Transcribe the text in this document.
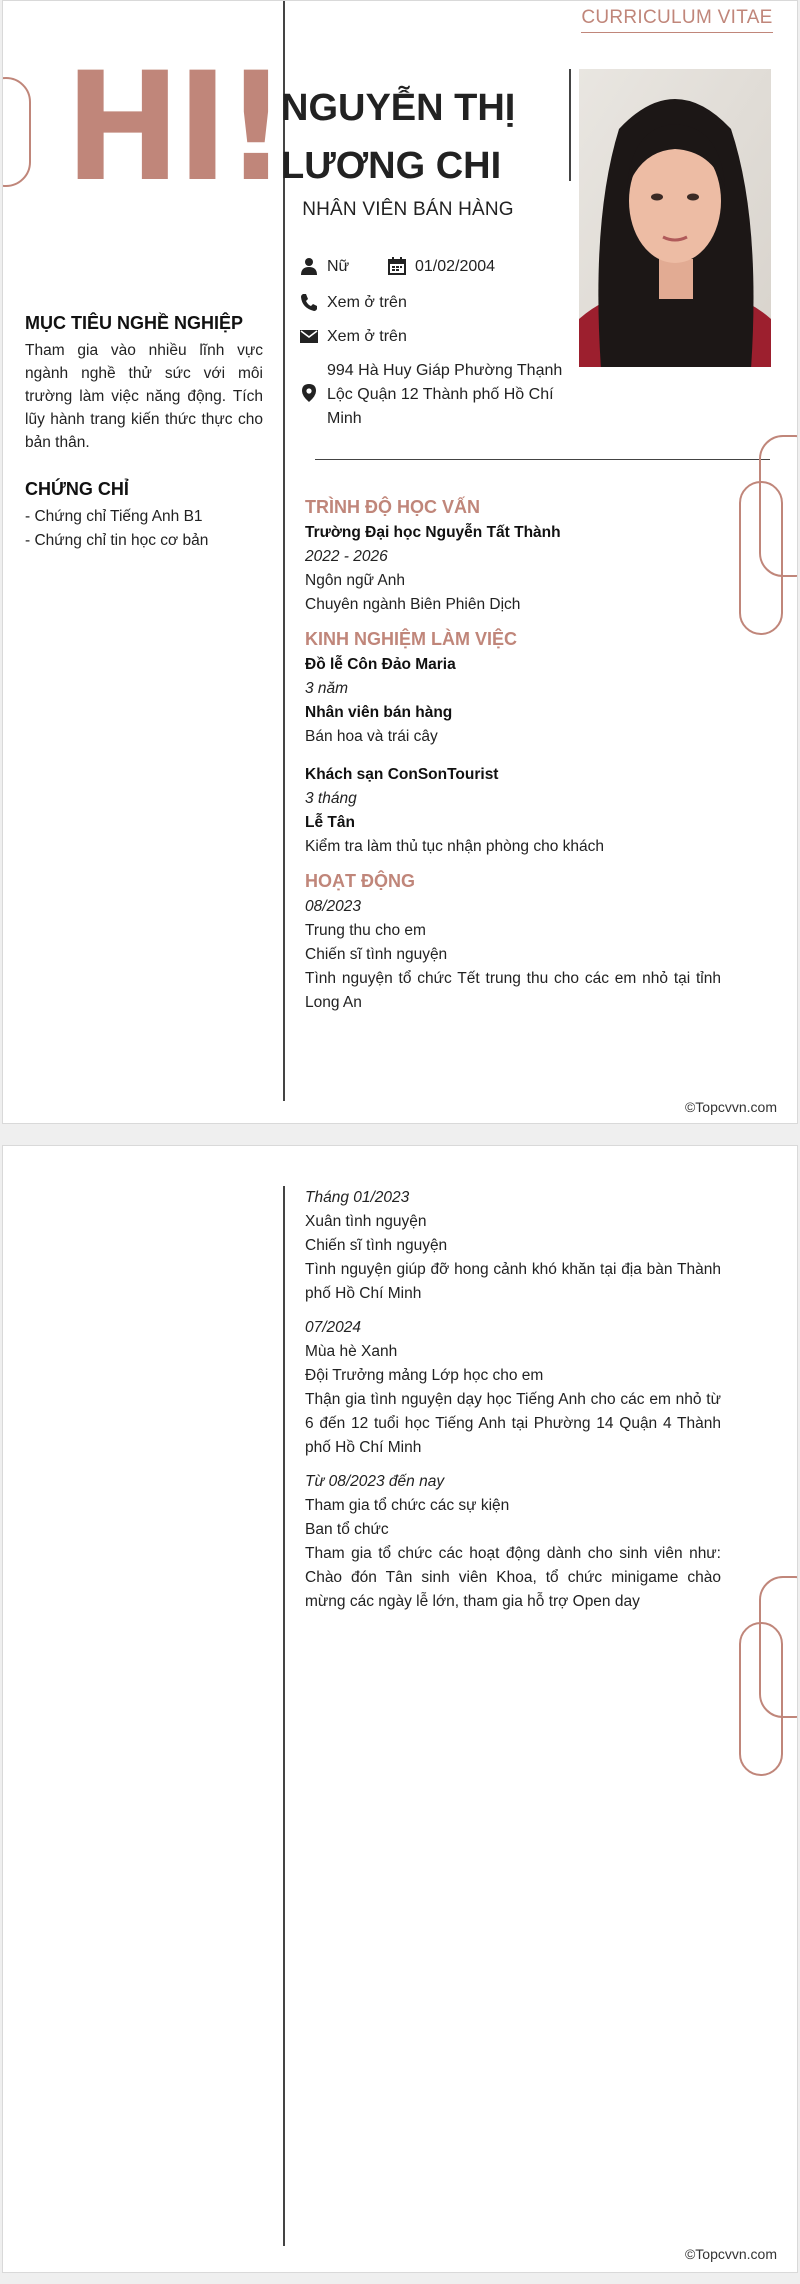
CURRICULUM VITAE
HI!
NGUYỄN THỊ
LƯƠNG CHI
NHÂN VIÊN BÁN HÀNG
Nữ	01/02/2004
Xem ở trên
Xem ở trên
994 Hà Huy Giáp Phường Thạnh Lộc Quận 12 Thành phố Hồ Chí Minh
MỤC TIÊU NGHỀ NGHIỆP
Tham gia vào nhiều lĩnh vực ngành nghề thử sức với môi trường làm việc năng động. Tích lũy hành trang kiến thức thực cho bản thân.
CHỨNG CHỈ
- Chứng chỉ Tiếng Anh B1
- Chứng chỉ tin học cơ bản
TRÌNH ĐỘ HỌC VẤN
Trường Đại học Nguyễn Tất Thành
2022 - 2026
Ngôn ngữ Anh
Chuyên ngành Biên Phiên Dịch
KINH NGHIỆM LÀM VIỆC
Đồ lễ Côn Đảo Maria
3 năm
Nhân viên bán hàng
Bán hoa và trái cây
Khách sạn ConSonTourist
3 tháng
Lễ Tân
Kiểm tra làm thủ tục nhận phòng cho khách
HOẠT ĐỘNG
08/2023
Trung thu cho em
Chiến sĩ tình nguyện
Tình nguyện tổ chức Tết trung thu cho các em nhỏ tại tỉnh Long An
©Topcvvn.com
Tháng 01/2023
Xuân tình nguyện
Chiến sĩ tình nguyện
Tình nguyện giúp đỡ hong cảnh khó khăn tại địa bàn Thành phố Hồ Chí Minh
07/2024
Mùa hè Xanh
Đội Trưởng mảng Lớp học cho em
Thận gia tình nguyện dạy học Tiếng Anh cho các em nhỏ từ 6 đến 12 tuổi học Tiếng Anh tại Phường 14 Quận 4 Thành phố Hồ Chí Minh
Từ 08/2023 đến nay
Tham gia tổ chức các sự kiện
Ban tổ chức
Tham gia tổ chức các hoạt động dành cho sinh viên như: Chào đón Tân sinh viên Khoa, tổ chức minigame chào mừng các ngày lễ lớn, tham gia hỗ trợ Open day
©Topcvvn.com
